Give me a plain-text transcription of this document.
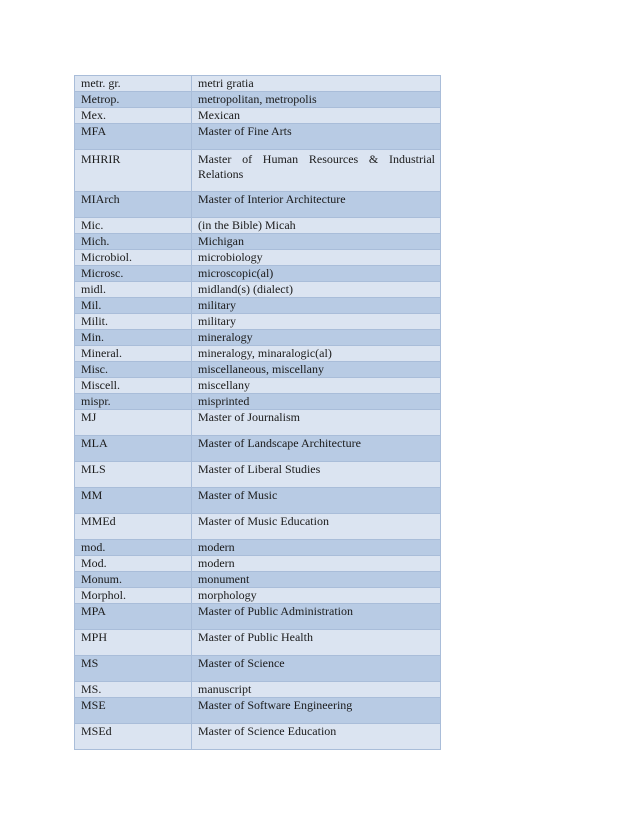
metr. gr.	metri gratia
Metrop.	metropolitan, metropolis
Mex.	Mexican
MFA	Master of Fine Arts
MHRIR	Master of Human Resources & Industrial Relations
MIArch	Master of Interior Architecture
Mic.	(in the Bible) Micah
Mich.	Michigan
Microbiol.	microbiology
Microsc.	microscopic(al)
midl.	midland(s) (dialect)
Mil.	military
Milit.	military
Min.	mineralogy
Mineral.	mineralogy, minaralogic(al)
Misc.	miscellaneous, miscellany
Miscell.	miscellany
mispr.	misprinted
MJ	Master of Journalism
MLA	Master of Landscape Architecture
MLS	Master of Liberal Studies
MM	Master of Music
MMEd	Master of Music Education
mod.	modern
Mod.	modern
Monum.	monument
Morphol.	morphology
MPA	Master of Public Administration
MPH	Master of Public Health
MS	Master of Science
MS.	manuscript
MSE	Master of Software Engineering
MSEd	Master of Science Education
